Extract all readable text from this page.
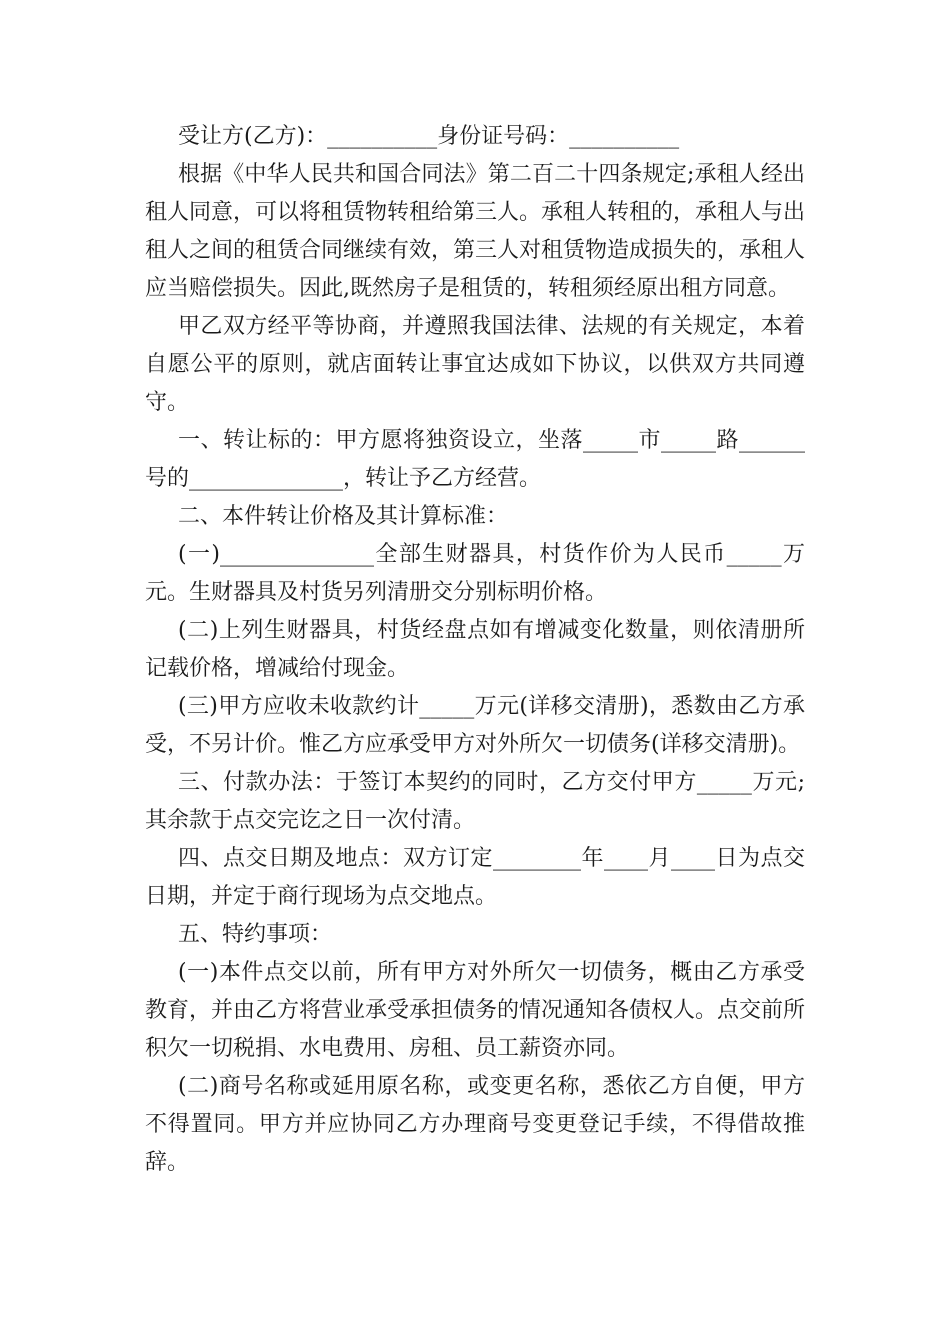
受让方(乙方)：__________身份证号码：__________

根据《中华人民共和国合同法》第二百二十四条规定;承租人经出租人同意，可以将租赁物转租给第三人。承租人转租的，承租人与出租人之间的租赁合同继续有效，第三人对租赁物造成损失的，承租人应当赔偿损失。因此,既然房子是租赁的，转租须经原出租方同意。

甲乙双方经平等协商，并遵照我国法律、法规的有关规定，本着自愿公平的原则，就店面转让事宜达成如下协议，以供双方共同遵守。

一、转让标的：甲方愿将独资设立，坐落_____市_____路______号的______________，转让予乙方经营。

二、本件转让价格及其计算标准：

(一)______________全部生财器具，村货作价为人民币_____万元。生财器具及村货另列清册交分别标明价格。

(二)上列生财器具，村货经盘点如有增减变化数量，则依清册所记载价格，增减给付现金。

(三)甲方应收未收款约计_____万元(详移交清册)，悉数由乙方承受，不另计价。惟乙方应承受甲方对外所欠一切债务(详移交清册)。

三、付款办法：于签订本契约的同时，乙方交付甲方_____万元;其余款于点交完讫之日一次付清。

四、点交日期及地点：双方订定________年____月____日为点交日期，并定于商行现场为点交地点。

五、特约事项：

(一)本件点交以前，所有甲方对外所欠一切债务，概由乙方承受教育，并由乙方将营业承受承担债务的情况通知各债权人。点交前所积欠一切税捐、水电费用、房租、员工薪资亦同。

(二)商号名称或延用原名称，或变更名称，悉依乙方自便，甲方不得置同。甲方并应协同乙方办理商号变更登记手续，不得借故推辞。
